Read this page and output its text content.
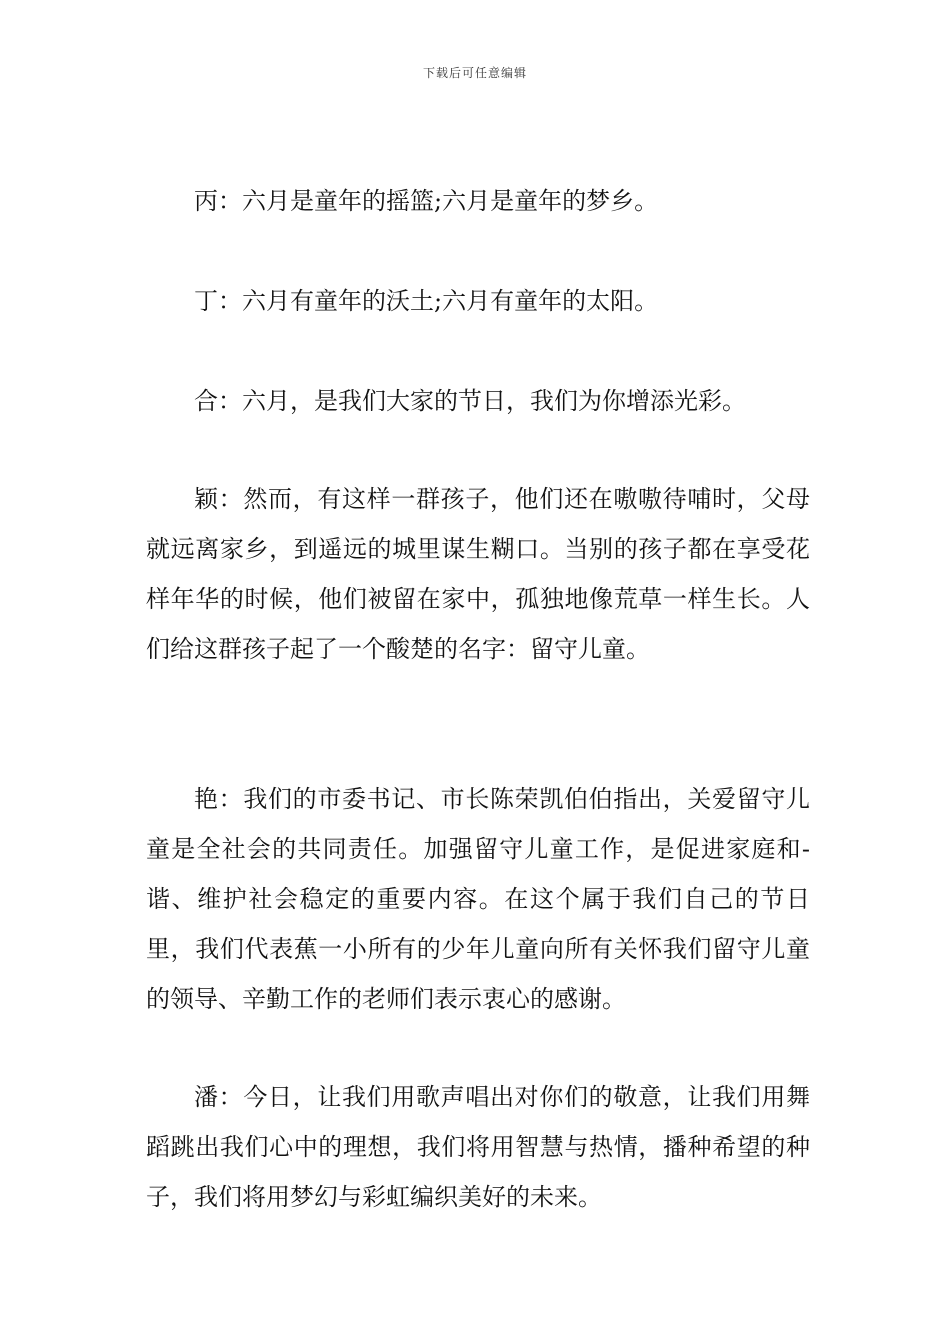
下载后可任意编辑

丙：六月是童年的摇篮;六月是童年的梦乡。

丁：六月有童年的沃土;六月有童年的太阳。

合：六月，是我们大家的节日，我们为你增添光彩。

颖：然而，有这样一群孩子，他们还在嗷嗷待哺时，父母就远离家乡，到遥远的城里谋生糊口。当别的孩子都在享受花样年华的时候，他们被留在家中，孤独地像荒草一样生长。人们给这群孩子起了一个酸楚的名字：留守儿童。

艳：我们的市委书记、市长陈荣凯伯伯指出，关爱留守儿童是全社会的共同责任。加强留守儿童工作，是促进家庭和-谐、维护社会稳定的重要内容。在这个属于我们自己的节日里，我们代表蕉一小所有的少年儿童向所有关怀我们留守儿童的领导、辛勤工作的老师们表示衷心的感谢。

潘：今日，让我们用歌声唱出对你们的敬意，让我们用舞蹈跳出我们心中的理想，我们将用智慧与热情，播种希望的种子，我们将用梦幻与彩虹编织美好的未来。
